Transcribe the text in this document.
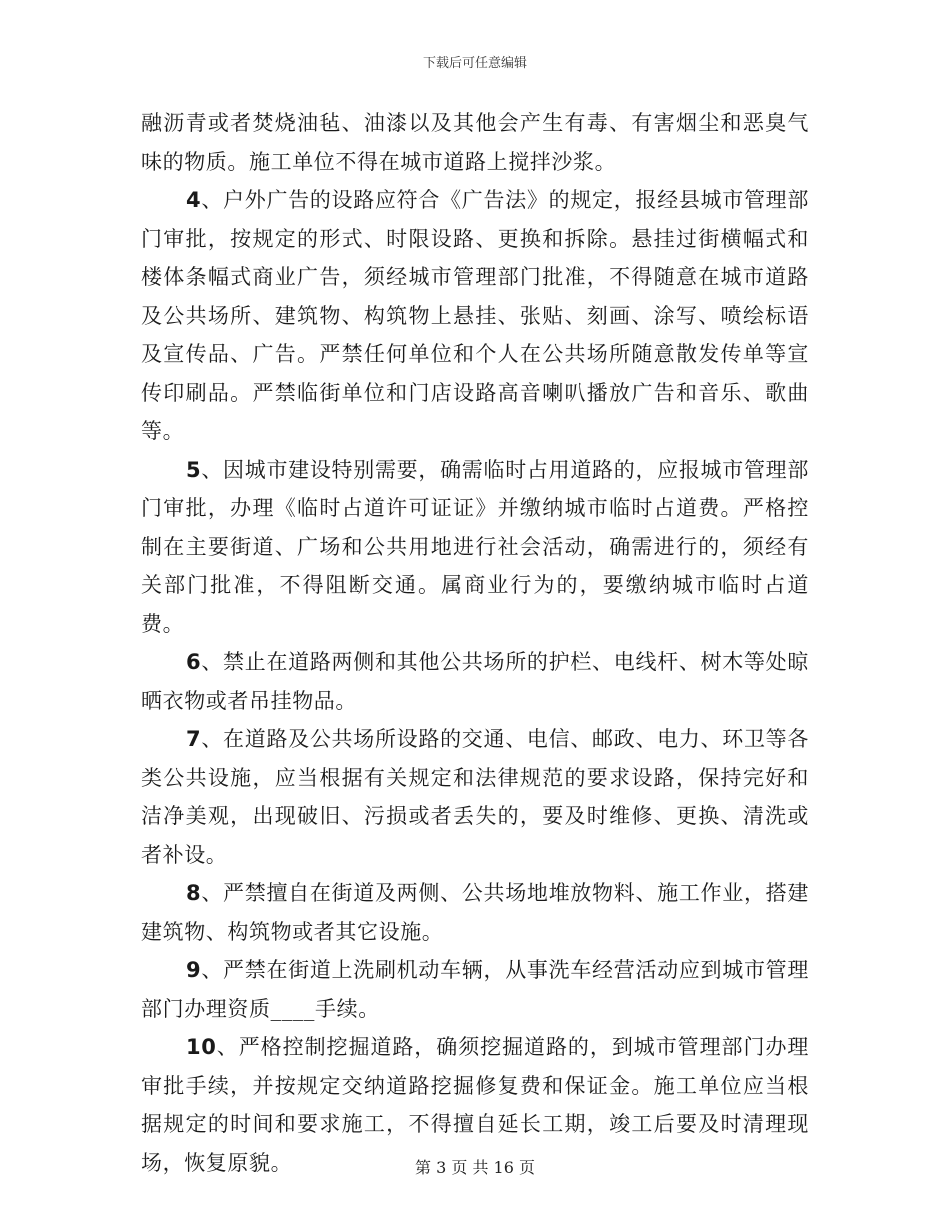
下载后可任意编辑

融沥青或者焚烧油毡、油漆以及其他会产生有毒、有害烟尘和恶臭气味的物质。施工单位不得在城市道路上搅拌沙浆。

4、户外广告的设路应符合《广告法》的规定，报经县城市管理部门审批，按规定的形式、时限设路、更换和拆除。悬挂过街横幅式和楼体条幅式商业广告，须经城市管理部门批准，不得随意在城市道路及公共场所、建筑物、构筑物上悬挂、张贴、刻画、涂写、喷绘标语及宣传品、广告。严禁任何单位和个人在公共场所随意散发传单等宣传印刷品。严禁临街单位和门店设路高音喇叭播放广告和音乐、歌曲等。

5、因城市建设特别需要，确需临时占用道路的，应报城市管理部门审批，办理《临时占道许可证证》并缴纳城市临时占道费。严格控制在主要街道、广场和公共用地进行社会活动，确需进行的，须经有关部门批准，不得阻断交通。属商业行为的，要缴纳城市临时占道费。

6、禁止在道路两侧和其他公共场所的护栏、电线杆、树木等处晾晒衣物或者吊挂物品。

7、在道路及公共场所设路的交通、电信、邮政、电力、环卫等各类公共设施，应当根据有关规定和法律规范的要求设路，保持完好和洁净美观，出现破旧、污损或者丢失的，要及时维修、更换、清洗或者补设。

8、严禁擅自在街道及两侧、公共场地堆放物料、施工作业，搭建建筑物、构筑物或者其它设施。

9、严禁在街道上洗刷机动车辆，从事洗车经营活动应到城市管理部门办理资质____手续。

10、严格控制挖掘道路，确须挖掘道路的，到城市管理部门办理审批手续，并按规定交纳道路挖掘修复费和保证金。施工单位应当根据规定的时间和要求施工，不得擅自延长工期，竣工后要及时清理现场，恢复原貌。	第 3 页 共 16 页
